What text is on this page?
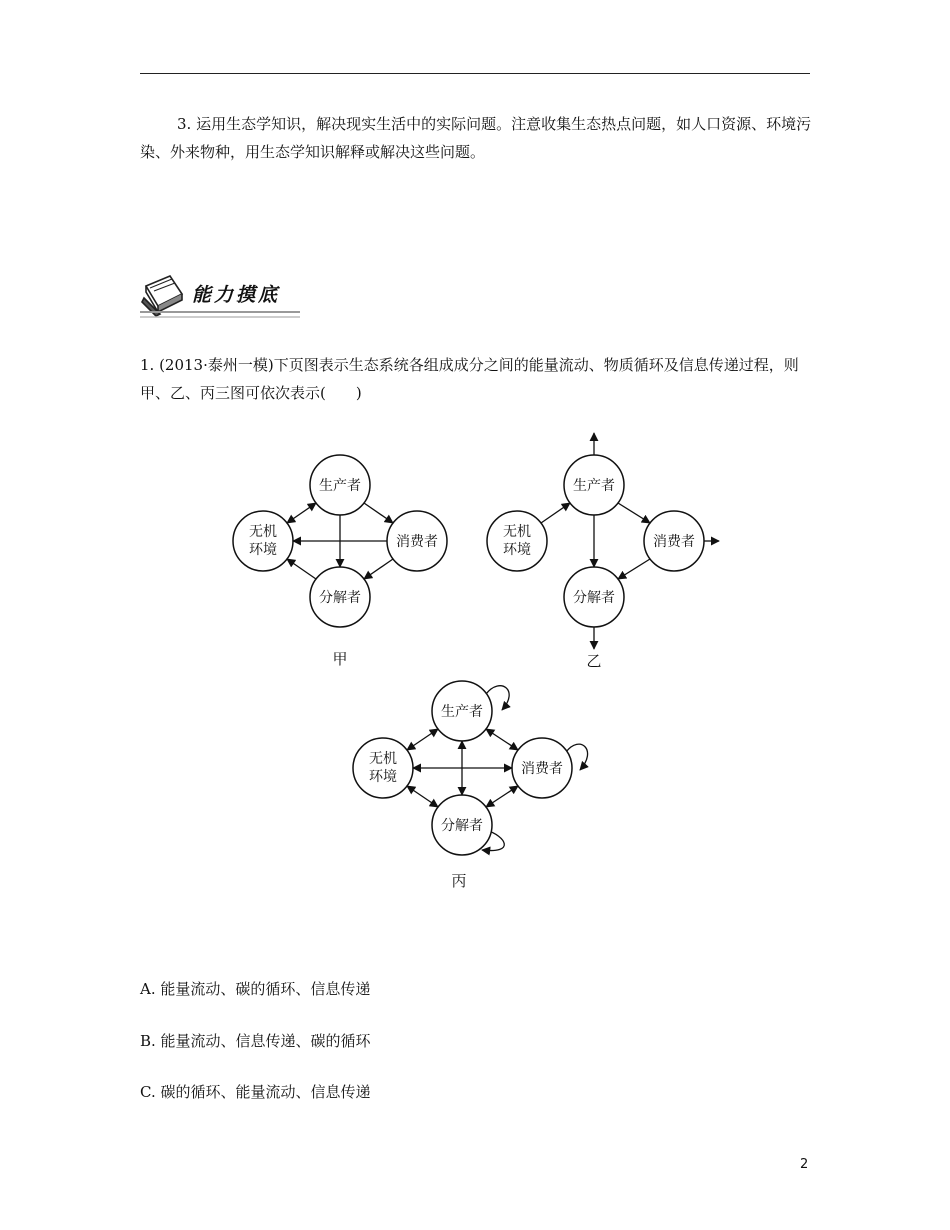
3. 运用生态学知识，解决现实生活中的实际问题。注意收集生态热点问题，如人口资源、环境污染、外来物种，用生态学知识解释或解决这些问题。

能力摸底

1. (2013·泰州一模)下页图表示生态系统各组成成分之间的能量流动、物质循环及信息传递过程，则甲、乙、丙三图可依次表示(　　)

生产者
无机
环境	消费者
分解者
甲
生产者
无机
环境	消费者
分解者
乙
生产者
无机
环境	消费者
分解者
丙

A. 能量流动、碳的循环、信息传递

B. 能量流动、信息传递、碳的循环

C. 碳的循环、能量流动、信息传递

2
